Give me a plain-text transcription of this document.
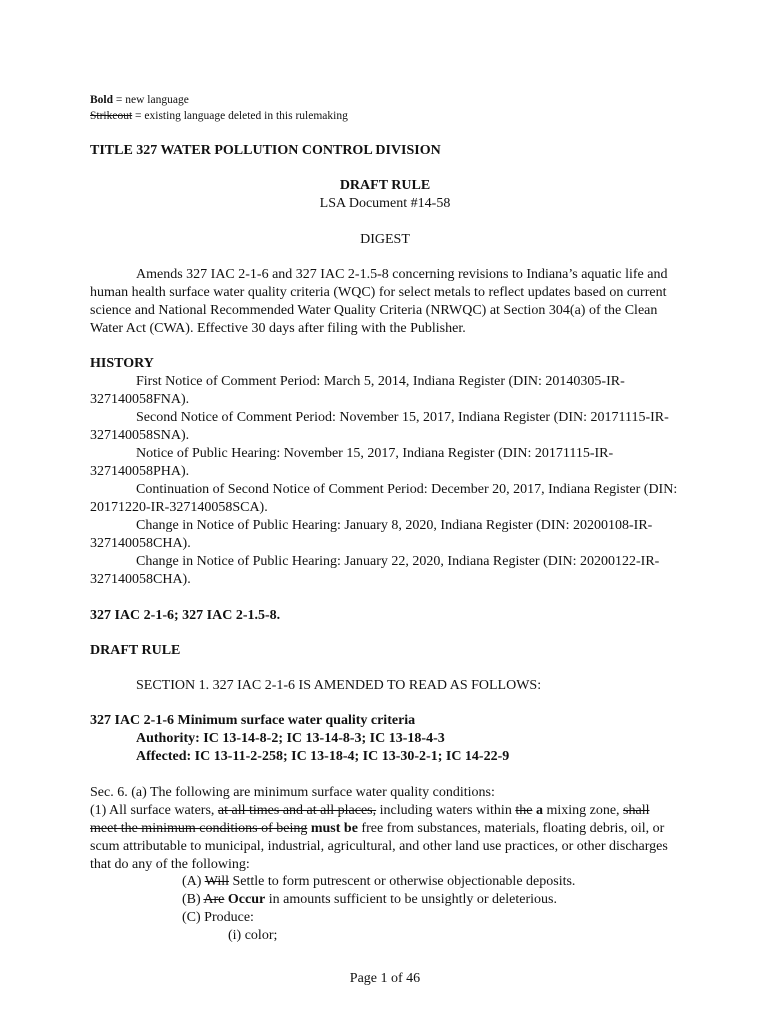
Bold = new language
Strikeout = existing language deleted in this rulemaking
TITLE 327 WATER POLLUTION CONTROL DIVISION
DRAFT RULE
LSA Document #14-58
DIGEST
Amends 327 IAC 2-1-6 and 327 IAC 2-1.5-8 concerning revisions to Indiana’s aquatic life and human health surface water quality criteria (WQC) for select metals to reflect updates based on current science and National Recommended Water Quality Criteria (NRWQC) at Section 304(a) of the Clean Water Act (CWA). Effective 30 days after filing with the Publisher.
HISTORY

First Notice of Comment Period: March 5, 2014, Indiana Register (DIN: 20140305-IR-327140058FNA).

Second Notice of Comment Period: November 15, 2017, Indiana Register (DIN: 20171115-IR-327140058SNA).

Notice of Public Hearing: November 15, 2017, Indiana Register (DIN: 20171115-IR-327140058PHA).

Continuation of Second Notice of Comment Period: December 20, 2017, Indiana Register (DIN: 20171220-IR-327140058SCA).

Change in Notice of Public Hearing: January 8, 2020, Indiana Register (DIN: 20200108-IR-327140058CHA).

Change in Notice of Public Hearing: January 22, 2020, Indiana Register (DIN: 20200122-IR-327140058CHA).

327 IAC 2-1-6; 327 IAC 2-1.5-8.
DRAFT RULE
SECTION 1. 327 IAC 2-1-6 IS AMENDED TO READ AS FOLLOWS:
327 IAC 2-1-6 Minimum surface water quality criteria
Authority: IC 13-14-8-2; IC 13-14-8-3; IC 13-18-4-3
Affected: IC 13-11-2-258; IC 13-18-4; IC 13-30-2-1; IC 14-22-9
Sec. 6. (a) The following are minimum surface water quality conditions:
(1) All surface waters, at all times and at all places, including waters within the a mixing zone, shall meet the minimum conditions of being must be free from substances, materials, floating debris, oil, or scum attributable to municipal, industrial, agricultural, and other land use practices, or other discharges that do any of the following:
(A) Will Settle to form putrescent or otherwise objectionable deposits.
(B) Are Occur in amounts sufficient to be unsightly or deleterious.
(C) Produce:
(i) color;
Page 1 of 46
